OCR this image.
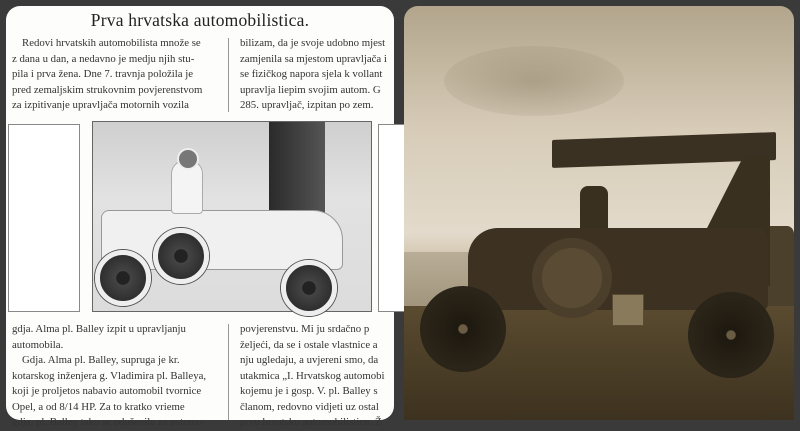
Prva hrvatska automobilistica.
Redovi hrvatskih automobilista množe se
z dana u dan, a nedavno je medju njih stu-
pila i prva žena. Dne 7. travnja položila je
pred zemaljskim strukovnim povjerenstvom
za izpitivanje upravljača motornih vozila
bilizam, da je svoje udobno mjest
zamjenila sa mjestom upravljača i
se fizičkog napora sjela k vollant
upravlja liepim svojim autom. G
285. upravljač, izpitan po zem.
gdja. Alma pl. Balley izpit u upravljanju
automobila.
Gdja. Alma pl. Balley, supruga je kr.
kotarskog inženjera g. Vladimira pl. Balleya,
koji je proljetos nabavio automobil tvornice
Opel, a od 8/14 HP. Za to kratko vrieme
gdja. pl. Balley tako se oduševila za automo-
povjerenstvu. Mi ju srdačno p
željeći, da se i ostale vlastnice a
nju ugledaju, a uvjereni smo, da
utakmica „I. Hrvatskog automobi
kojemu je i gosp. V. pl. Balley s
članom, redovno vidjeti uz ostal
prvu hrvatsku automobilisticu. Ž
